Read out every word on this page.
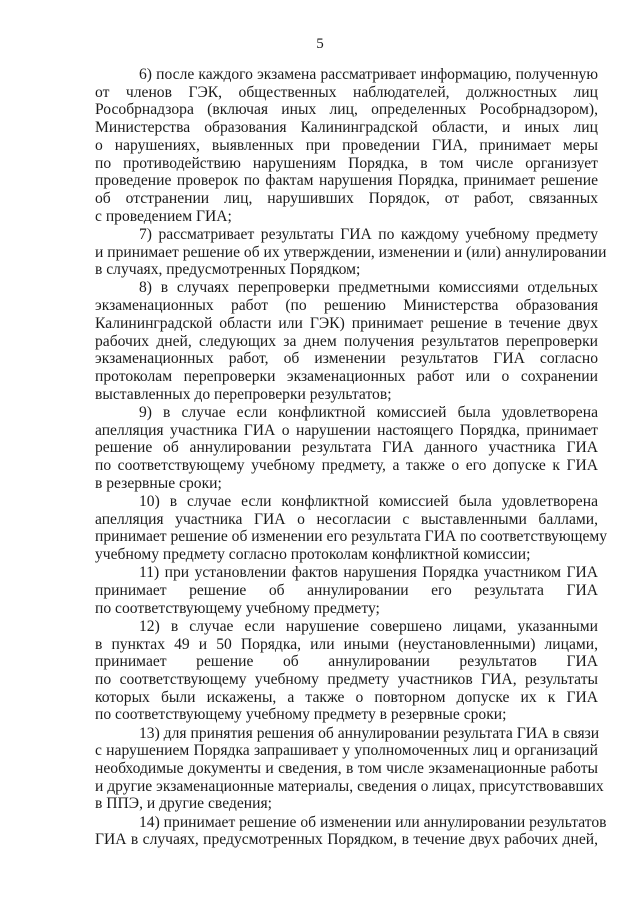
5
6) после каждого экзамена рассматривает информацию, полученную
от членов ГЭК, общественных наблюдателей, должностных лиц
Рособрнадзора (включая иных лиц, определенных Рособрнадзором),
Министерства образования Калининградской области, и иных лиц
о нарушениях, выявленных при проведении ГИА, принимает меры
по противодействию нарушениям Порядка, в том числе организует
проведение проверок по фактам нарушения Порядка, принимает решение
об отстранении лиц, нарушивших Порядок, от работ, связанных
с проведением ГИА;
7) рассматривает результаты ГИА по каждому учебному предмету
и принимает решение об их утверждении, изменении и (или) аннулировании
в случаях, предусмотренных Порядком;
8) в случаях перепроверки предметными комиссиями отдельных
экзаменационных работ (по решению Министерства образования
Калининградской области или ГЭК) принимает решение в течение двух
рабочих дней, следующих за днем получения результатов перепроверки
экзаменационных работ, об изменении результатов ГИА согласно
протоколам перепроверки экзаменационных работ или о сохранении
выставленных до перепроверки результатов;
9) в случае если конфликтной комиссией была удовлетворена
апелляция участника ГИА о нарушении настоящего Порядка, принимает
решение об аннулировании результата ГИА данного участника ГИА
по соответствующему учебному предмету, а также о его допуске к ГИА
в резервные сроки;
10) в случае если конфликтной комиссией была удовлетворена
апелляция участника ГИА о несогласии с выставленными баллами,
принимает решение об изменении его результата ГИА по соответствующему
учебному предмету согласно протоколам конфликтной комиссии;
11) при установлении фактов нарушения Порядка участником ГИА
принимает решение об аннулировании его результата ГИА
по соответствующему учебному предмету;
12) в случае если нарушение совершено лицами, указанными
в пунктах 49 и 50 Порядка, или иными (неустановленными) лицами,
принимает решение об аннулировании результатов ГИА
по соответствующему учебному предмету участников ГИА, результаты
которых были искажены, а также о повторном допуске их к ГИА
по соответствующему учебному предмету в резервные сроки;
13) для принятия решения об аннулировании результата ГИА в связи
с нарушением Порядка запрашивает у уполномоченных лиц и организаций
необходимые документы и сведения, в том числе экзаменационные работы
и другие экзаменационные материалы, сведения о лицах, присутствовавших
в ППЭ, и другие сведения;
14) принимает решение об изменении или аннулировании результатов
ГИА в случаях, предусмотренных Порядком, в течение двух рабочих дней,
